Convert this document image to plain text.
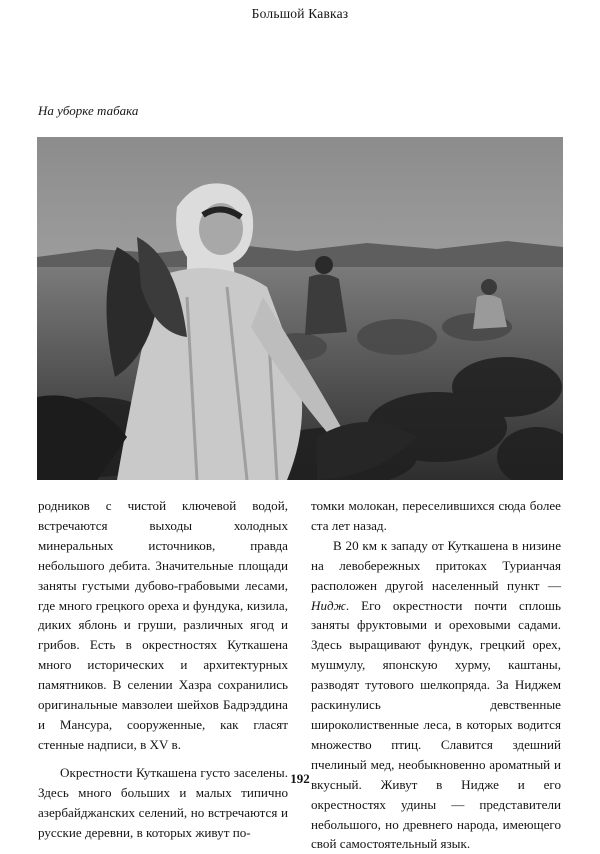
Большой Кавказ
На уборке табака

родников с чистой ключевой водой, встречаются выходы холодных минеральных источников, правда небольшого дебита. Значительные площади заняты густыми дубово-грабовыми лесами, где много грецкого ореха и фундука, кизила, диких яблонь и груши, различных ягод и грибов. Есть в окрестностях Куткашена много исторических и архитектурных памятников. В селении Хазра сохранились оригинальные мавзолеи шейхов Бадрэддина и Мансура, сооруженные, как гласят стенные надписи, в XV в.

Окрестности Куткашена густо заселены. Здесь много больших и малых типично азербайджанских селений, но встречаются и русские деревни, в которых живут по-

томки молокан, переселившихся сюда более ста лет назад.

В 20 км к западу от Куткашена в низине на левобережных притоках Турианчая расположен другой населенный пункт — Нидж. Его окрестности почти сплошь заняты фруктовыми и ореховыми садами. Здесь выращивают фундук, грецкий орех, мушмулу, японскую хурму, каштаны, разводят тутового шелкопряда. За Ниджем раскинулись девственные широколиственные леса, в которых водится множество птиц. Славится здешний пчелиный мед, необыкновенно ароматный и вкусный. Живут в Нидже и его окрестностях удины — представители небольшого, но древнего народа, имеющего свой самостоятельный язык.

192
